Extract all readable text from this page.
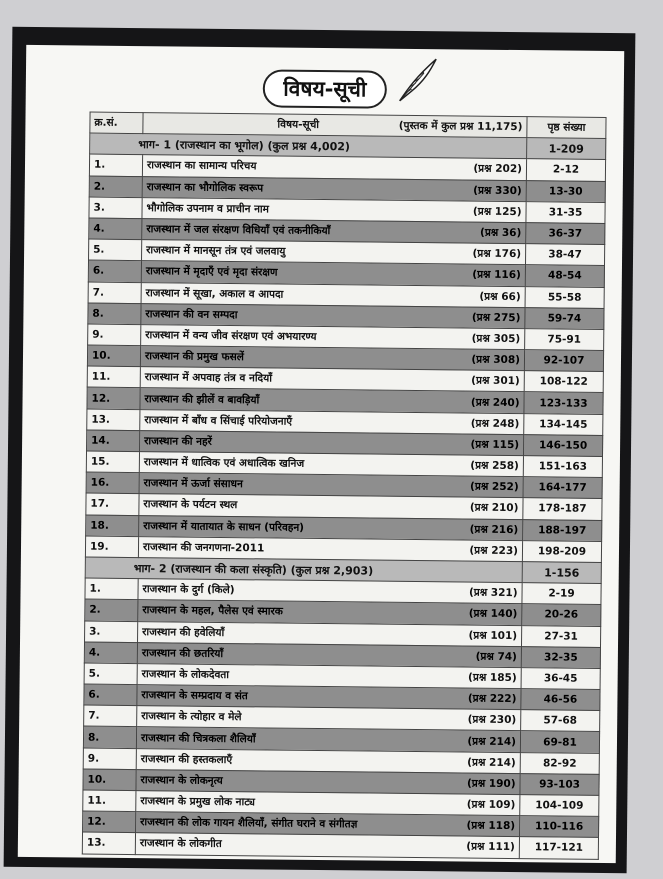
विषय-सूची
क्र.सं.	विषय-सूची (पुस्तक में कुल प्रश्न 11,175)	पृष्ठ संख्या
भाग- 1 (राजस्थान का भूगोल) (कुल प्रश्न 4,002)		1-209
1.	राजस्थान का सामान्य परिचय (प्रश्न 202)	2-12
2.	राजस्थान का भौगोलिक स्वरूप (प्रश्न 330)	13-30
3.	भौगोलिक उपनाम व प्राचीन नाम (प्रश्न 125)	31-35
4.	राजस्थान में जल संरक्षण विधियाँ एवं तकनीकियाँ (प्रश्न 36)	36-37
5.	राजस्थान में मानसून तंत्र एवं जलवायु (प्रश्न 176)	38-47
6.	राजस्थान में मृदाएँ एवं मृदा संरक्षण (प्रश्न 116)	48-54
7.	राजस्थान में सूखा, अकाल व आपदा (प्रश्न 66)	55-58
8.	राजस्थान की वन सम्पदा (प्रश्न 275)	59-74
9.	राजस्थान में वन्य जीव संरक्षण एवं अभयारण्य (प्रश्न 305)	75-91
10.	राजस्थान की प्रमुख फसलें (प्रश्न 308)	92-107
11.	राजस्थान में अपवाह तंत्र व नदियाँ (प्रश्न 301)	108-122
12.	राजस्थान की झीलें व बावड़ियाँ (प्रश्न 240)	123-133
13.	राजस्थान में बाँध व सिंचाई परियोजनाएँ (प्रश्न 248)	134-145
14.	राजस्थान की नहरें (प्रश्न 115)	146-150
15.	राजस्थान में धात्विक एवं अधात्विक खनिज (प्रश्न 258)	151-163
16.	राजस्थान में ऊर्जा संसाधन (प्रश्न 252)	164-177
17.	राजस्थान के पर्यटन स्थल (प्रश्न 210)	178-187
18.	राजस्थान में यातायात के साधन (परिवहन) (प्रश्न 216)	188-197
19.	राजस्थान की जनगणना-2011 (प्रश्न 223)	198-209
भाग- 2 (राजस्थान की कला संस्कृति) (कुल प्रश्न 2,903)		1-156
1.	राजस्थान के दुर्ग (किले) (प्रश्न 321)	2-19
2.	राजस्थान के महल, पैलेस एवं स्मारक (प्रश्न 140)	20-26
3.	राजस्थान की हवेलियाँ (प्रश्न 101)	27-31
4.	राजस्थान की छतरियाँ (प्रश्न 74)	32-35
5.	राजस्थान के लोकदेवता (प्रश्न 185)	36-45
6.	राजस्थान के सम्प्रदाय व संत (प्रश्न 222)	46-56
7.	राजस्थान के त्योहार व मेले (प्रश्न 230)	57-68
8.	राजस्थान की चित्रकला शैलियाँ (प्रश्न 214)	69-81
9.	राजस्थान की हस्तकलाएँ (प्रश्न 214)	82-92
10.	राजस्थान के लोकनृत्य (प्रश्न 190)	93-103
11.	राजस्थान के प्रमुख लोक नाट्य (प्रश्न 109)	104-109
12.	राजस्थान की लोक गायन शैलियाँ, संगीत घराने व संगीतज्ञ (प्रश्न 118)	110-116
13.	राजस्थान के लोकगीत (प्रश्न 111)	117-121
